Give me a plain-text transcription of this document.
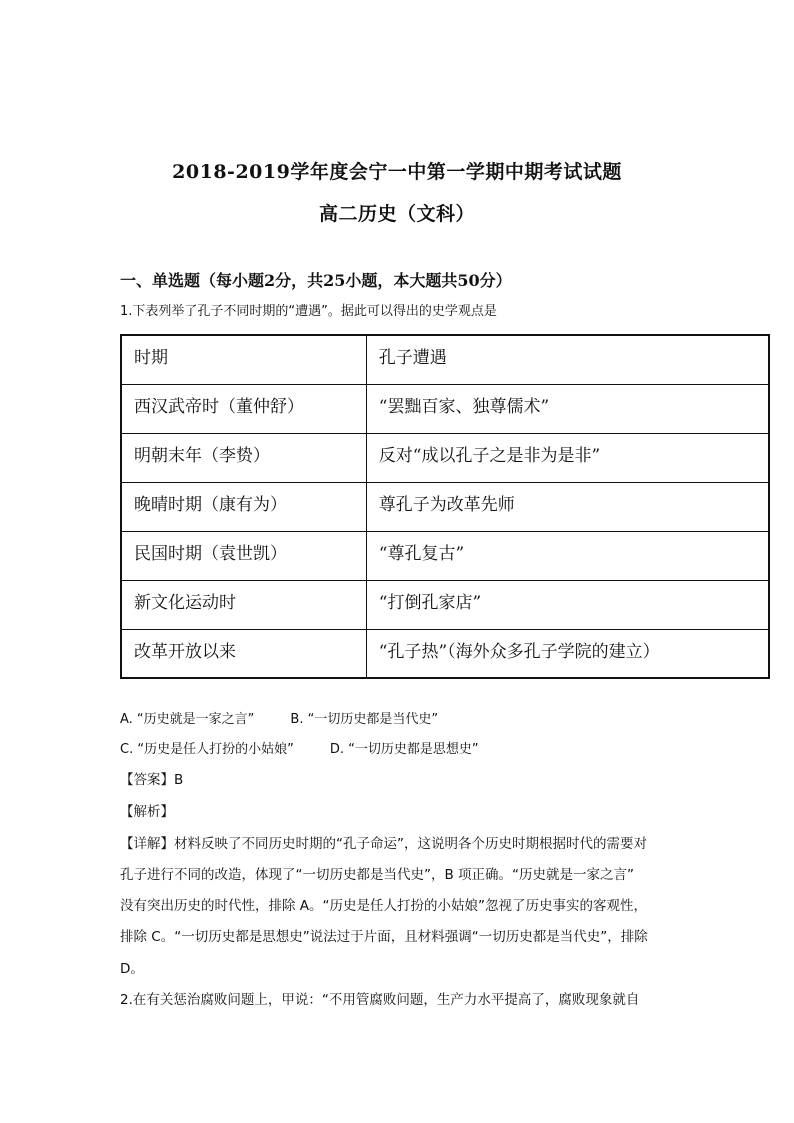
2018-2019学年度会宁一中第一学期中期考试试题
高二历史（文科）
一、单选题（每小题2分，共25小题，本大题共50分）
1.下表列举了孔子不同时期的“遭遇”。据此可以得出的史学观点是
时期	孔子遭遇
西汉武帝时（董仲舒）	“罢黜百家、独尊儒术”
明朝末年（李贽）	反对“成以孔子之是非为是非”
晚晴时期（康有为）	尊孔子为改革先师
民国时期（袁世凯）	“尊孔复古”
新文化运动时	“打倒孔家店”
改革开放以来	“孔子热”（海外众多孔子学院的建立）
A. “历史就是一家之言”	B. “一切历史都是当代史”
C. “历史是任人打扮的小姑娘”	D. “一切历史都是思想史”
【答案】B
【解析】
【详解】材料反映了不同历史时期的“孔子命运”，这说明各个历史时期根据时代的需要对
孔子进行不同的改造，体现了“一切历史都是当代史”，B 项正确。“历史就是一家之言”
没有突出历史的时代性，排除 A。“历史是任人打扮的小姑娘”忽视了历史事实的客观性，
排除 C。“一切历史都是思想史”说法过于片面，且材料强调“一切历史都是当代史”，排除
D。
2.在有关惩治腐败问题上，甲说：“不用管腐败问题，生产力水平提高了，腐败现象就自
